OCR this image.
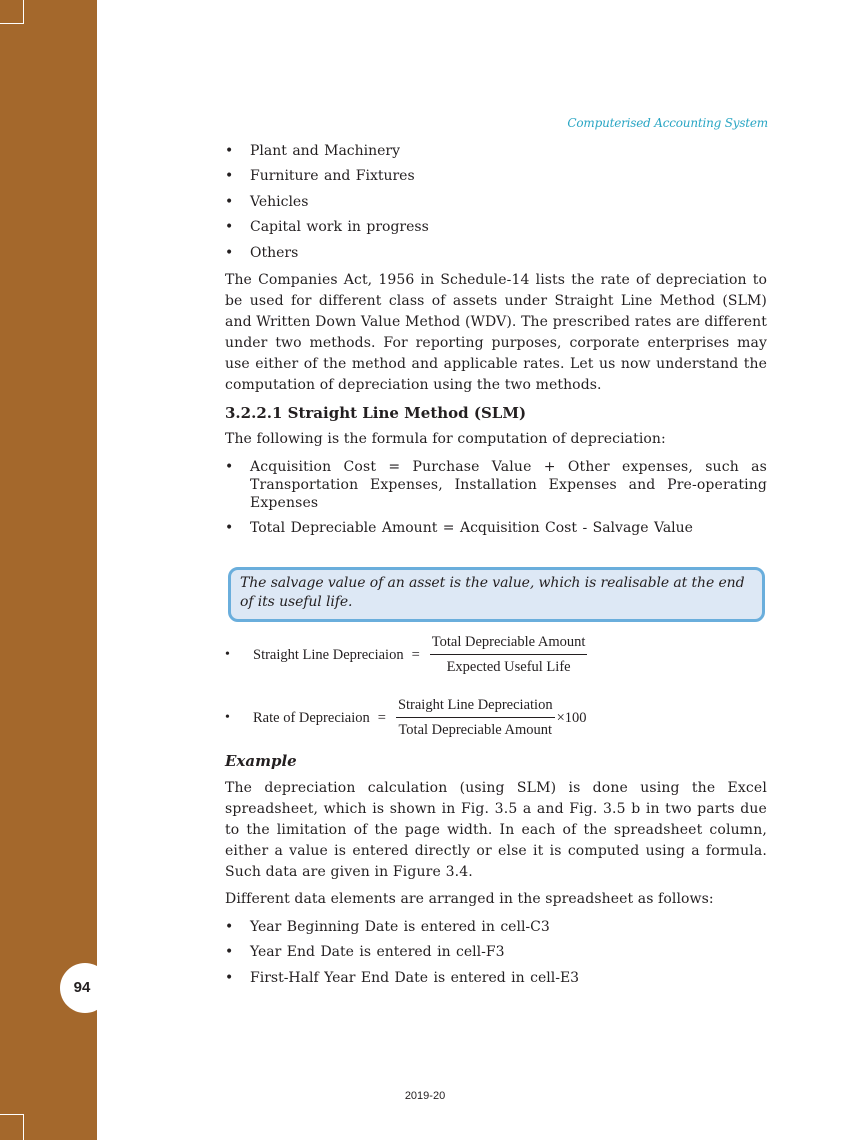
94
Computerised Accounting System
• Plant and Machinery
• Furniture and Fixtures
• Vehicles
• Capital work in progress
• Others

The Companies Act, 1956 in Schedule-14 lists the rate of depreciation to be used for different class of assets under Straight Line Method (SLM) and Written Down Value Method (WDV). The prescribed rates are different under two methods. For reporting purposes, corporate enterprises may use either of the method and applicable rates. Let us now understand the computation of depreciation using the two methods.

3.2.2.1 Straight Line Method (SLM)

The following is the formula for computation of depreciation:

• Acquisition Cost = Purchase Value + Other expenses, such as Transportation Expenses, Installation Expenses and Pre-operating Expenses
• Total Depreciable Amount = Acquisition Cost - Salvage Value
The salvage value of an asset is the value, which is realisable at the end of its useful life.
•	Straight Line Depreciaion = $\frac{\text{Total Depreciable Amount}}{\text{Expected Useful Life}}$
•	Rate of Depreciaion = $\frac{\text{Straight Line Depreciation}}{\text{Total Depreciable Amount}} \times 100$
Example

The depreciation calculation (using SLM) is done using the Excel spreadsheet, which is shown in Fig. 3.5 a and Fig. 3.5 b in two parts due to the limitation of the page width. In each of the spreadsheet column, either a value is entered directly or else it is computed using a formula. Such data are given in Figure 3.4.

Different data elements are arranged in the spreadsheet as follows:

• Year Beginning Date is entered in cell-C3
• Year End Date is entered in cell-F3
• First-Half Year End Date is entered in cell-E3
2019-20
